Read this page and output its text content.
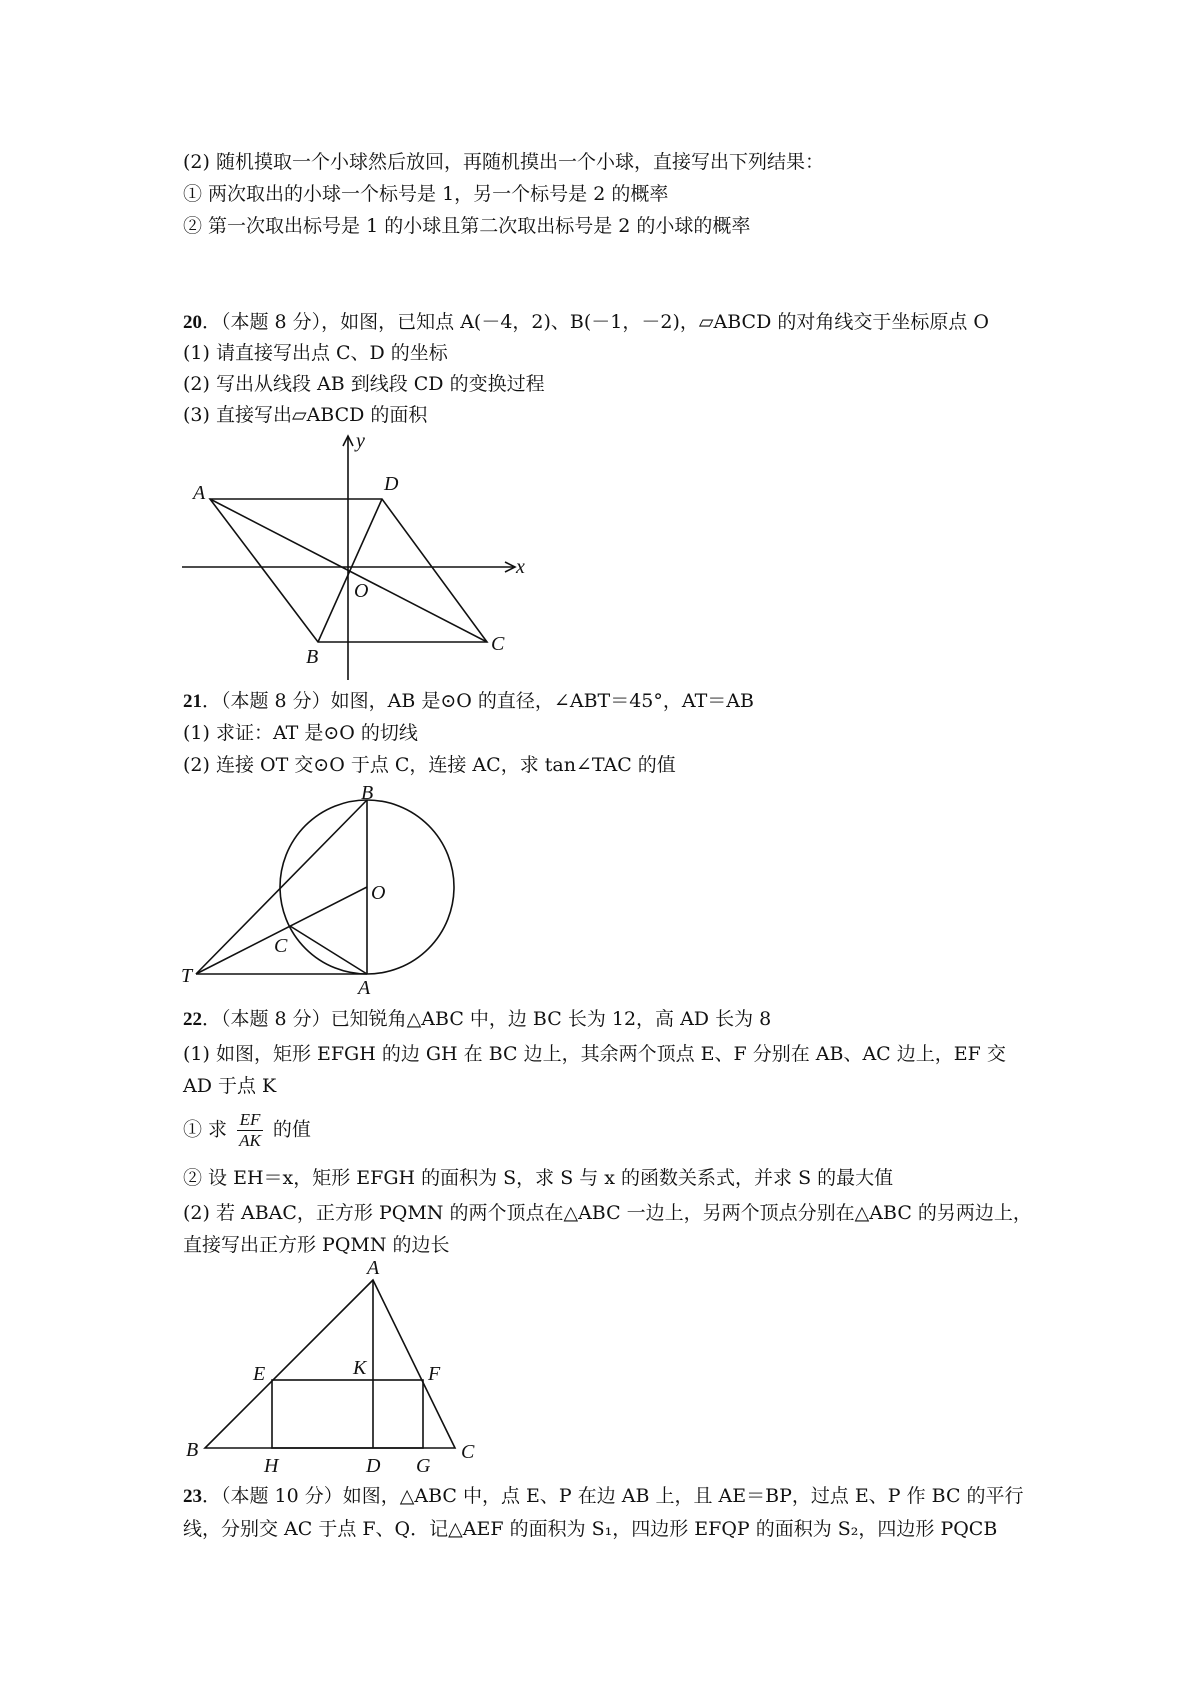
(2) 随机摸取一个小球然后放回，再随机摸出一个小球，直接写出下列结果：
① 两次取出的小球一个标号是 1，另一个标号是 2 的概率
② 第一次取出标号是 1 的小球且第二次取出标号是 2 的小球的概率
20．（本题 8 分），如图，已知点 A(－4，2)、B(－1，－2)，▱ABCD 的对角线交于坐标原点 O
(1) 请直接写出点 C、D 的坐标
(2) 写出从线段 AB 到线段 CD 的变换过程
(3) 直接写出▱ABCD 的面积
A	D
O
B
C
x
y
21．（本题 8 分）如图，AB 是⊙O 的直径，∠ABT＝45°，AT＝AB
(1) 求证：AT 是⊙O 的切线
(2) 连接 OT 交⊙O 于点 C，连接 AC，求 tan∠TAC 的值
B
O
C
T
A
22．（本题 8 分）已知锐角△ABC 中，边 BC 长为 12，高 AD 长为 8
(1) 如图，矩形 EFGH 的边 GH 在 BC 边上，其余两个顶点 E、F 分别在 AB、AC 边上，EF 交 AD 于点 K
① 求 $\frac{EF}{AK}$ 的值
② 设 EH＝x，矩形 EFGH 的面积为 S，求 S 与 x 的函数关系式，并求 S 的最大值
(2) 若 ABAC，正方形 PQMN 的两个顶点在△ABC 一边上，另两个顶点分别在△ABC 的另两边上，直接写出正方形 PQMN 的边长
A
E	K	F
B
H	D G
C
23．（本题 10 分）如图，△ABC 中，点 E、P 在边 AB 上，且 AE＝BP，过点 E、P 作 BC 的平行线，分别交 AC 于点 F、Q．记△AEF 的面积为 S₁，四边形 EFQP 的面积为 S₂，四边形 PQCB
